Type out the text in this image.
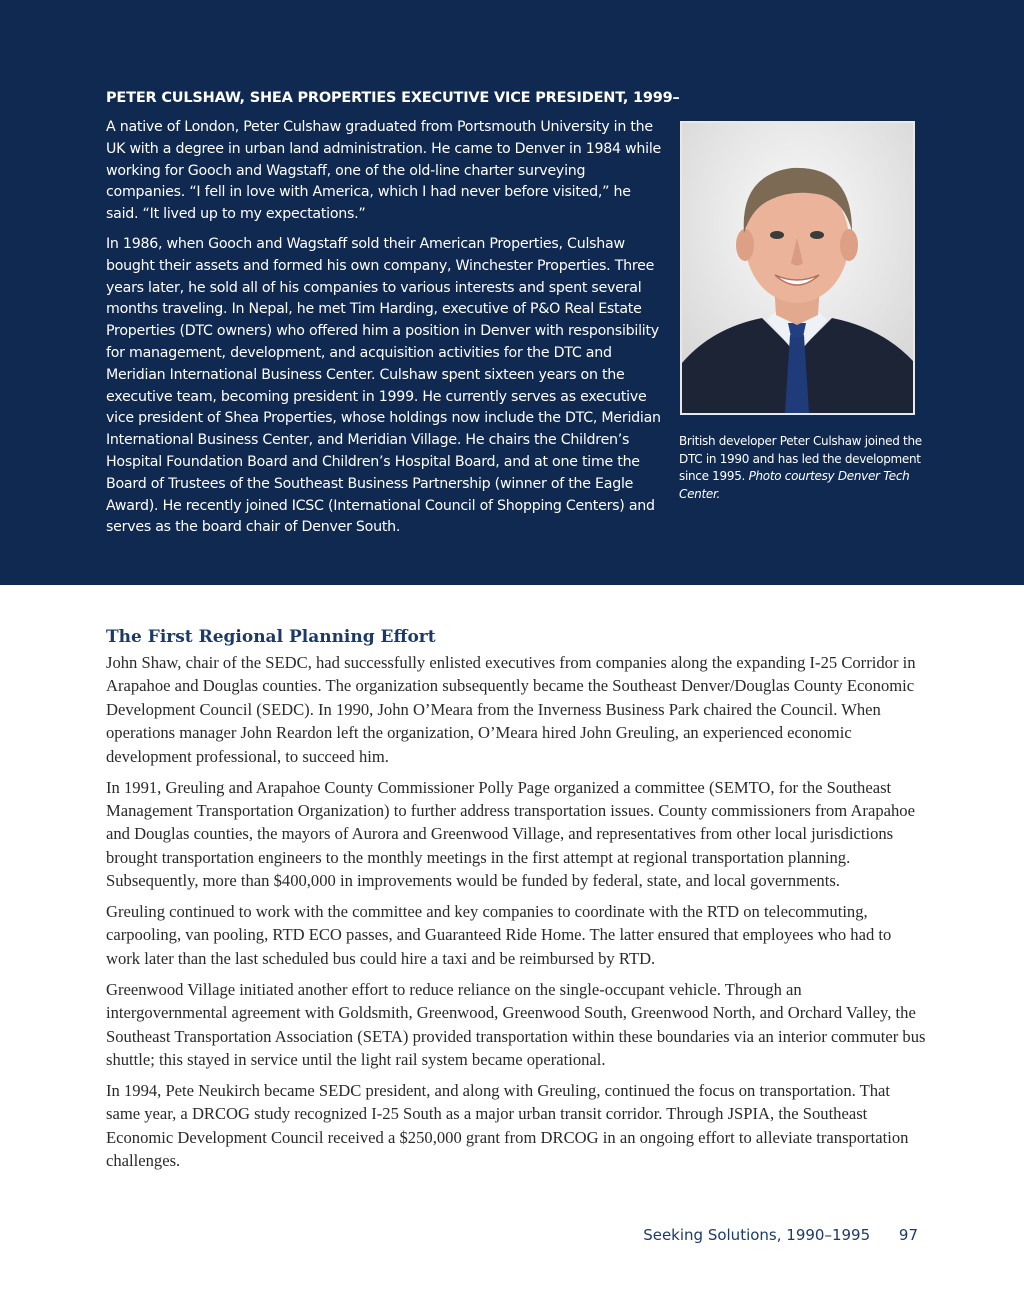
PETER CULSHAW, SHEA PROPERTIES EXECUTIVE VICE PRESIDENT, 1999–

A native of London, Peter Culshaw graduated from Portsmouth University in the UK with a degree in urban land administration. He came to Denver in 1984 while working for Gooch and Wagstaff, one of the old-line charter surveying companies. “I fell in love with America, which I had never before visited,” he said. “It lived up to my expectations.”

In 1986, when Gooch and Wagstaff sold their American Properties, Culshaw bought their assets and formed his own company, Winchester Properties. Three years later, he sold all of his companies to various interests and spent several months traveling. In Nepal, he met Tim Harding, executive of P&O Real Estate Properties (DTC owners) who offered him a position in Denver with responsibility for management, development, and acquisition activities for the DTC and Meridian International Business Center. Culshaw spent sixteen years on the executive team, becoming president in 1999. He currently serves as executive vice president of Shea Properties, whose holdings now include the DTC, Meridian International Business Center, and Meridian Village. He chairs the Children’s Hospital Foundation Board and Children’s Hospital Board, and at one time the Board of Trustees of the Southeast Business Partnership (winner of the Eagle Award). He recently joined ICSC (International Council of Shopping Centers) and serves as the board chair of Denver South.

British developer Peter Culshaw joined the DTC in 1990 and has led the development since 1995. Photo courtesy Denver Tech Center.
The First Regional Planning Effort

John Shaw, chair of the SEDC, had successfully enlisted executives from companies along the expanding I-25 Corridor in Arapahoe and Douglas counties. The organization subsequently became the Southeast Denver/Douglas County Economic Development Council (SEDC). In 1990, John O’Meara from the Inverness Business Park chaired the Council. When operations manager John Reardon left the organization, O’Meara hired John Greuling, an experienced economic development professional, to succeed him.

In 1991, Greuling and Arapahoe County Commissioner Polly Page organized a committee (SEMTO, for the Southeast Management Transportation Organization) to further address transportation issues. County commissioners from Arapahoe and Douglas counties, the mayors of Aurora and Greenwood Village, and representatives from other local jurisdictions brought transportation engineers to the monthly meetings in the first attempt at regional transportation planning. Subsequently, more than $400,000 in improvements would be funded by federal, state, and local governments.

Greuling continued to work with the committee and key companies to coordinate with the RTD on telecommuting, carpooling, van pooling, RTD ECO passes, and Guaranteed Ride Home. The latter ensured that employees who had to work later than the last scheduled bus could hire a taxi and be reimbursed by RTD.

Greenwood Village initiated another effort to reduce reliance on the single-occupant vehicle. Through an intergovernmental agreement with Goldsmith, Greenwood, Greenwood South, Greenwood North, and Orchard Valley, the Southeast Transportation Association (SETA) provided transportation within these boundaries via an interior commuter bus shuttle; this stayed in service until the light rail system became operational.

In 1994, Pete Neukirch became SEDC president, and along with Greuling, continued the focus on transportation. That same year, a DRCOG study recognized I-25 South as a major urban transit corridor. Through JSPIA, the Southeast Economic Development Council received a $250,000 grant from DRCOG in an ongoing effort to alleviate transportation challenges.

Seeking Solutions, 1990–1995 97
